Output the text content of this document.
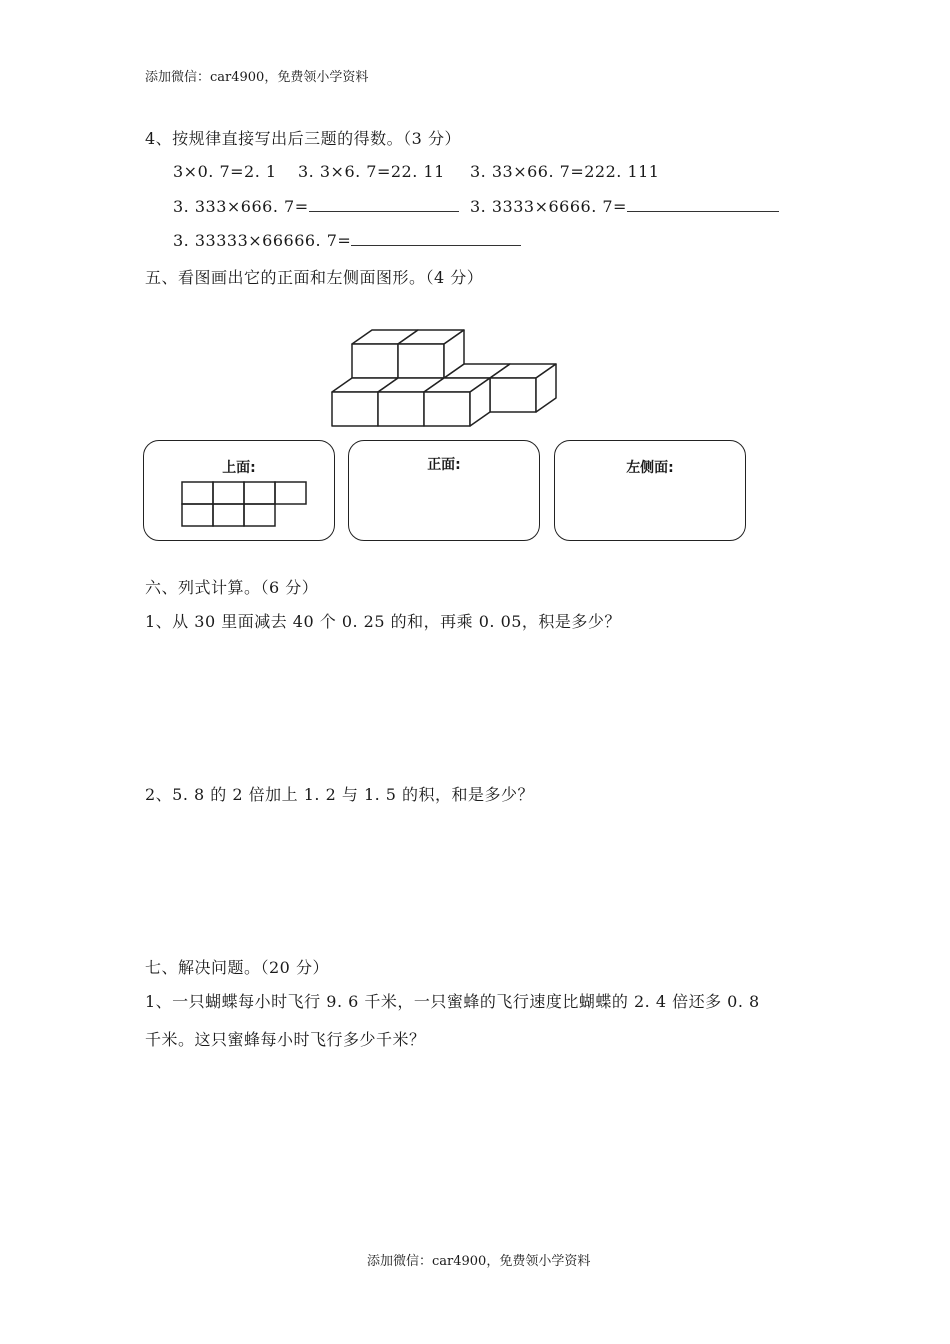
添加微信：car4900，免费领小学资料
4、按规律直接写出后三题的得数。（3 分）
3×0. 7=2. 1 3. 3×6. 7=22. 11 3. 33×66. 7=222. 111
3. 333×666. 7=	3. 3333×6666. 7=
3. 33333×66666. 7=
五、看图画出它的正面和左侧面图形。（4 分）
上面:	正面:	左侧面:
六、列式计算。（6 分）
1、从 30 里面减去 40 个 0. 25 的和，再乘 0. 05，积是多少？
2、5. 8 的 2 倍加上 1. 2 与 1. 5 的积，和是多少？
七、解决问题。（20 分）
1、一只蝴蝶每小时飞行 9. 6 千米，一只蜜蜂的飞行速度比蝴蝶的 2. 4 倍还多 0. 8
千米。这只蜜蜂每小时飞行多少千米？
添加微信：car4900，免费领小学资料
